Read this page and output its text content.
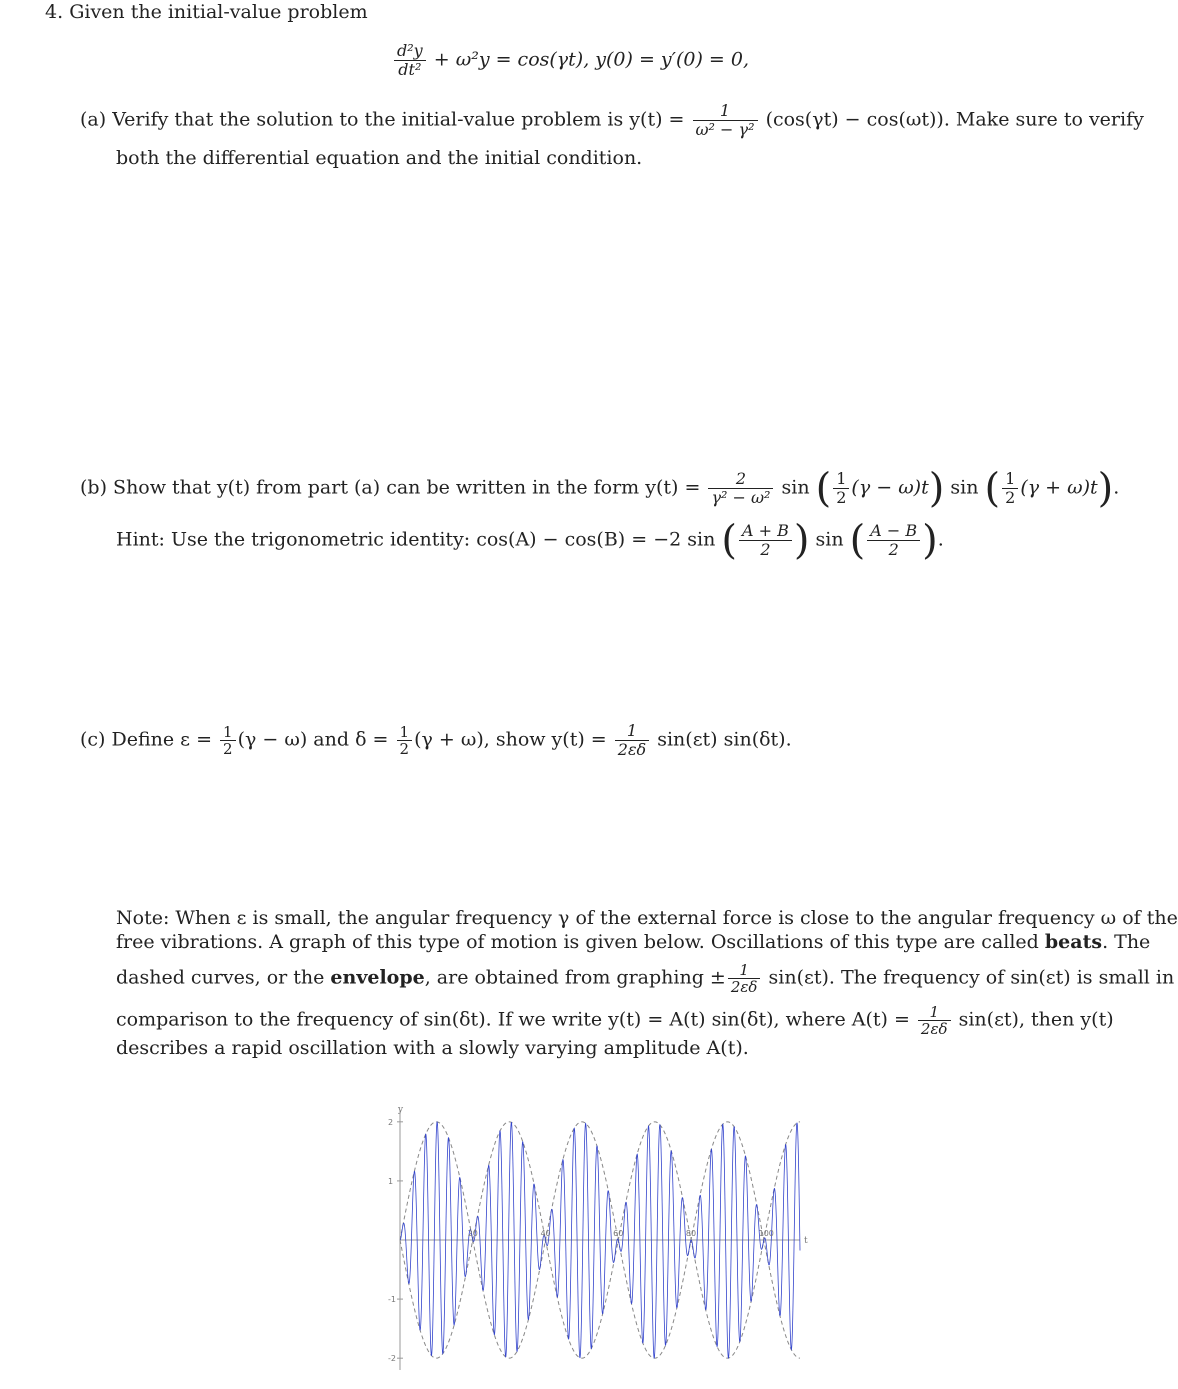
4. Given the initial-value problem
$\frac{\text{d²y}}{\text{dt²}} + \omega^2y = \cos(\gamma t)$, y(0) = y′(0) = 0,
(a) Verify that the solution to the initial-value problem is $y(t) = \frac{1}{\text{ω² − γ²}} (\cos(\gamma t) - \cos(\omega t))$. Make sure to verify
both the differential equation and the initial condition.
(b) Show that y(t) from part (a) can be written in the form $y(t) = \frac{2}{\text{γ² − ω²}}$ sin ( $\frac{1}{2} (\gamma - \omega)t$) sin ( $\frac{1}{2} (\gamma + \omega)t$).
Hint: Use the trigonometric identity: cos(A) − cos(B) = −2 sin ( $\frac{A + B}{2}$ ) sin ( $\frac{A - B}{2}$ ).
(c) Define $\varepsilon = \frac{1}{2} (\gamma - \omega)$ and $\delta = \frac{1}{2} (\gamma + \omega)$, show $y(t) = \frac{1}{2\varepsilon\delta} \sin(\varepsilon t)$ sin(δt).
Note: When ε is small, the angular frequency γ of the external force is close to the angular frequency ω of the
free vibrations. A graph of this type of motion is given below. Oscillations of this type are called beats. The
dashed curves, or the envelope, are obtained from graphing ± $\frac{1}{2\varepsilon\delta} \sin(\varepsilon t)$. The frequency of sin(εt) is small in
comparison to the frequency of sin(δt). If we write y(t) = A(t) sin(δt), where $A(t) = \frac{1}{2\varepsilon\delta} \sin(\varepsilon t)$, then y(t)
describes a rapid oscillation with a slowly varying amplitude A(t).
y
t
2
1
-1
-2
20	40	60	80	100
